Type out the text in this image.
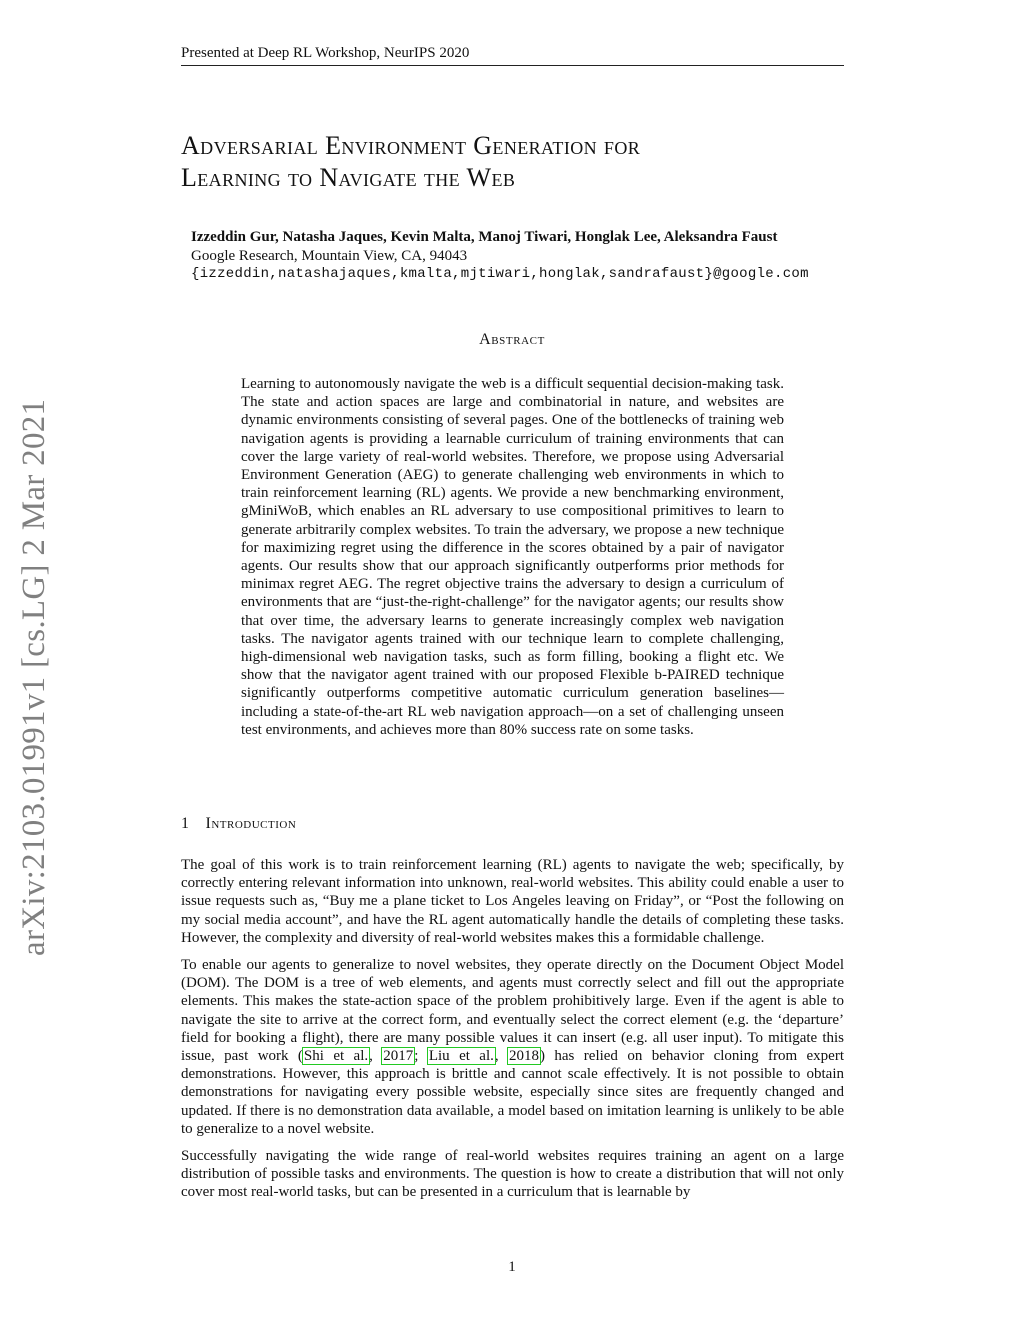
Presented at Deep RL Workshop, NeurIPS 2020
Adversarial Environment Generation for
Learning to Navigate the Web
Izzeddin Gur, Natasha Jaques, Kevin Malta, Manoj Tiwari, Honglak Lee, Aleksandra Faust
Google Research, Mountain View, CA, 94043
{izzeddin,natashajaques,kmalta,mjtiwari,honglak,sandrafaust}@google.com
arXiv:2103.01991v1 [cs.LG] 2 Mar 2021
Abstract
Learning to autonomously navigate the web is a difficult sequential decision-making task. The state and action spaces are large and combinatorial in nature, and websites are dynamic environments consisting of several pages. One of the bottlenecks of training web navigation agents is providing a learnable curriculum of training environments that can cover the large variety of real-world websites. Therefore, we propose using Adversarial Environment Generation (AEG) to generate challenging web environments in which to train reinforcement learning (RL) agents. We provide a new benchmarking environment, gMiniWoB, which enables an RL adversary to use compositional primitives to learn to generate arbitrarily complex websites. To train the adversary, we propose a new technique for maximizing regret using the difference in the scores obtained by a pair of navigator agents. Our results show that our approach significantly outperforms prior methods for minimax regret AEG. The regret objective trains the adversary to design a curriculum of environments that are “just-the-right-challenge” for the navigator agents; our results show that over time, the adversary learns to generate increasingly complex web navigation tasks. The navigator agents trained with our technique learn to complete challenging, high-dimensional web navigation tasks, such as form filling, booking a flight etc. We show that the navigator agent trained with our proposed Flexible b-PAIRED technique significantly outperforms competitive automatic curriculum generation baselines—including a state-of-the-art RL web navigation approach—on a set of challenging unseen test environments, and achieves more than 80% success rate on some tasks.
1 Introduction

The goal of this work is to train reinforcement learning (RL) agents to navigate the web; specifically, by correctly entering relevant information into unknown, real-world websites. This ability could enable a user to issue requests such as, “Buy me a plane ticket to Los Angeles leaving on Friday”, or “Post the following on my social media account”, and have the RL agent automatically handle the details of completing these tasks. However, the complexity and diversity of real-world websites makes this a formidable challenge.

To enable our agents to generalize to novel websites, they operate directly on the Document Object Model (DOM). The DOM is a tree of web elements, and agents must correctly select and fill out the appropriate elements. This makes the state-action space of the problem prohibitively large. Even if the agent is able to navigate the site to arrive at the correct form, and eventually select the correct element (e.g. the ‘departure’ field for booking a flight), there are many possible values it can insert (e.g. all user input). To mitigate this issue, past work (Shi et al., 2017; Liu et al., 2018) has relied on behavior cloning from expert demonstrations. However, this approach is brittle and cannot scale effectively. It is not possible to obtain demonstrations for navigating every possible website, especially since sites are frequently changed and updated. If there is no demonstration data available, a model based on imitation learning is unlikely to be able to generalize to a novel website.

Successfully navigating the wide range of real-world websites requires training an agent on a large distribution of possible tasks and environments. The question is how to create a distribution that will not only cover most real-world tasks, but can be presented in a curriculum that is learnable by

1
